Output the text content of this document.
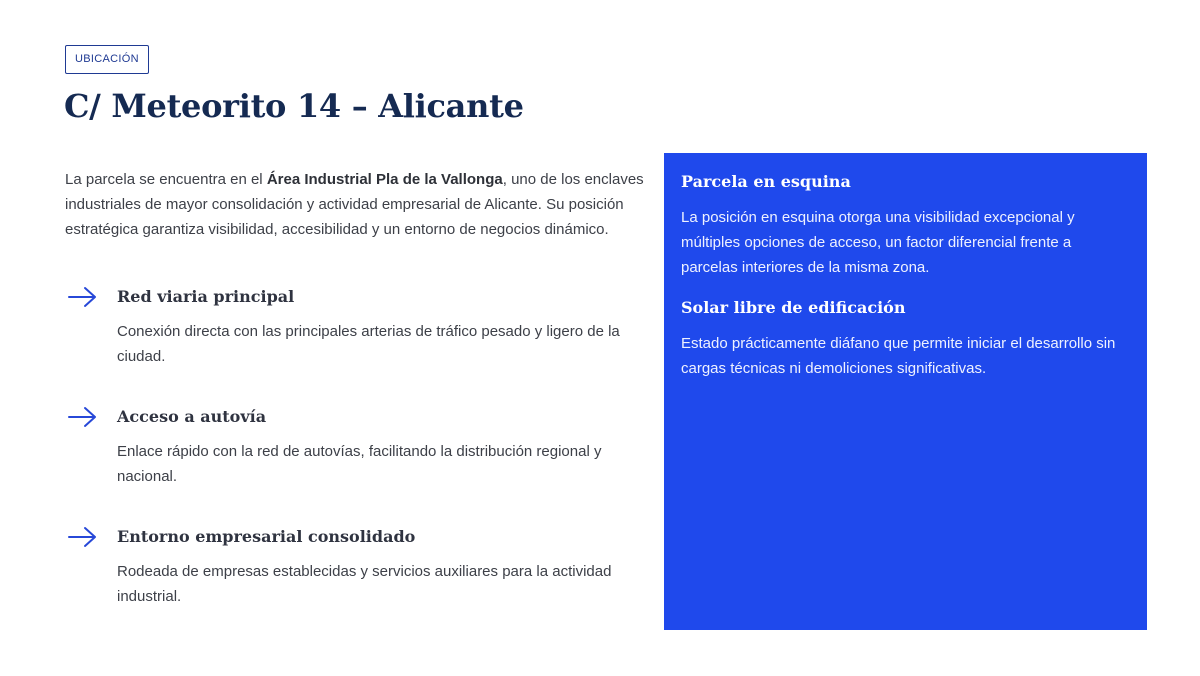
UBICACIÓN
C/ Meteorito 14 – Alicante

La parcela se encuentra en el Área Industrial Pla de la Vallonga, uno de los enclaves industriales de mayor consolidación y actividad empresarial de Alicante. Su posición estratégica garantiza visibilidad, accesibilidad y un entorno de negocios dinámico.

Red viaria principal

Conexión directa con las principales arterias de tráfico pesado y ligero de la ciudad.

Acceso a autovía

Enlace rápido con la red de autovías, facilitando la distribución regional y nacional.

Entorno empresarial consolidado

Rodeada de empresas establecidas y servicios auxiliares para la actividad industrial.

Parcela en esquina

La posición en esquina otorga una visibilidad excepcional y múltiples opciones de acceso, un factor diferencial frente a parcelas interiores de la misma zona.

Solar libre de edificación

Estado prácticamente diáfano que permite iniciar el desarrollo sin cargas técnicas ni demoliciones significativas.
